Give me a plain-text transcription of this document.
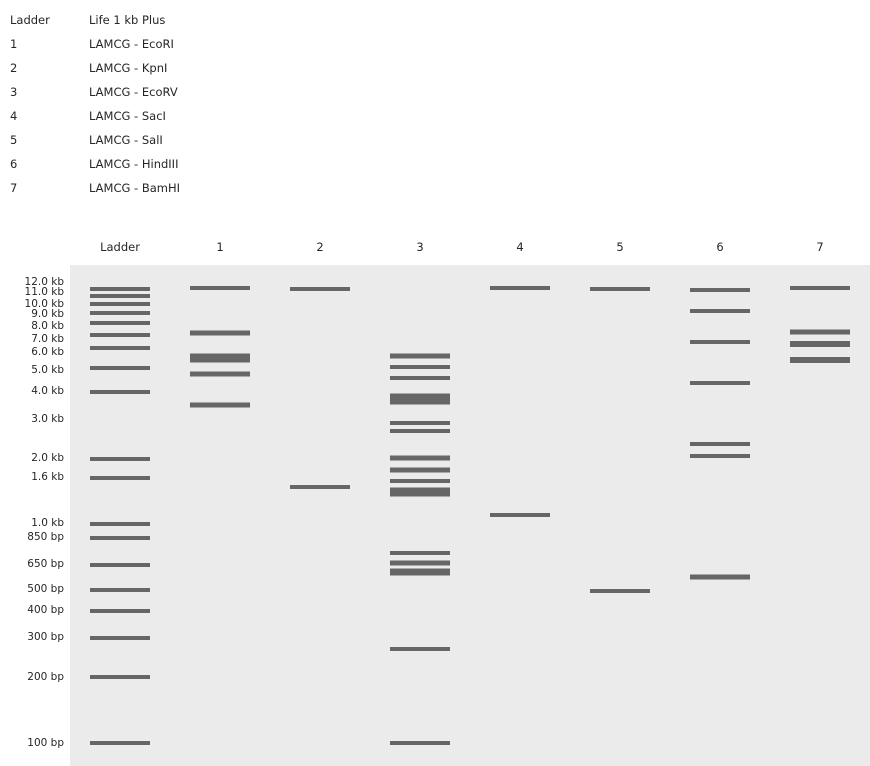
Ladder	Life 1 kb Plus
1	LAMCG - EcoRI
2	LAMCG - KpnI
3	LAMCG - EcoRV
4	LAMCG - SacI
5	LAMCG - SalI
6	LAMCG - HindIII
7	LAMCG - BamHI
Ladder	1	2	3	4	5	6	7
12.0 kb
11.0 kb
10.0 kb
9.0 kb
8.0 kb
7.0 kb
6.0 kb
5.0 kb
4.0 kb
3.0 kb
2.0 kb
1.6 kb
1.0 kb
850 bp
650 bp
500 bp
400 bp
300 bp
200 bp
100 bp
